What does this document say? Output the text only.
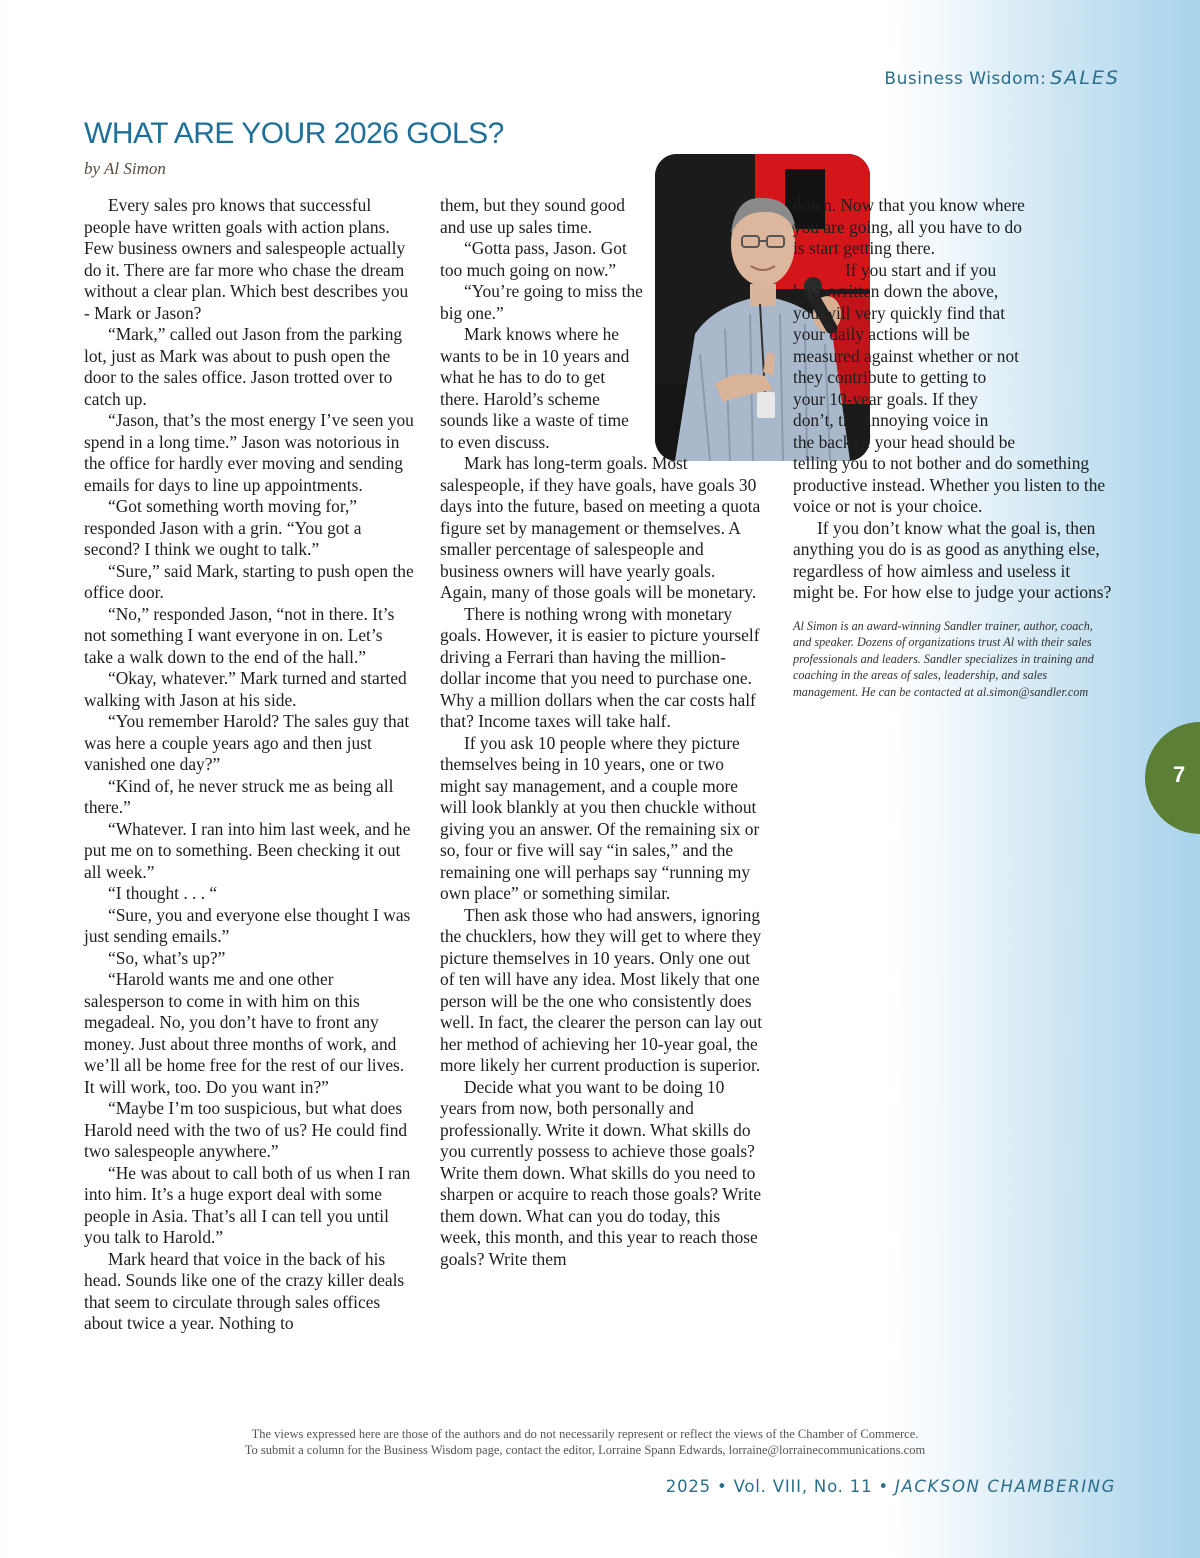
Business Wisdom: SALES
WHAT ARE YOUR 2026 GOLS?

by Al Simon

Every sales pro knows that successful people have written goals with action plans. Few business owners and salespeople actually do it. There are far more who chase the dream without a clear plan. Which best describes you - Mark or Jason?

“Mark,” called out Jason from the parking lot, just as Mark was about to push open the door to the sales office. Jason trotted over to catch up.

“Jason, that’s the most energy I’ve seen you spend in a long time.” Jason was notorious in the office for hardly ever moving and sending emails for days to line up appointments.

“Got something worth moving for,” responded Jason with a grin. “You got a second? I think we ought to talk.”

“Sure,” said Mark, starting to push open the office door.

“No,” responded Jason, “not in there. It’s not something I want everyone in on. Let’s take a walk down to the end of the hall.”

“Okay, whatever.” Mark turned and started walking with Jason at his side.

“You remember Harold? The sales guy that was here a couple years ago and then just vanished one day?”

“Kind of, he never struck me as being all there.”

“Whatever. I ran into him last week, and he put me on to something. Been checking it out all week.”

“I thought . . . “

“Sure, you and everyone else thought I was just sending emails.”

“So, what’s up?”

“Harold wants me and one other salesperson to come in with him on this megadeal. No, you don’t have to front any money. Just about three months of work, and we’ll all be home free for the rest of our lives. It will work, too. Do you want in?”

“Maybe I’m too suspicious, but what does Harold need with the two of us? He could find two salespeople anywhere.”

“He was about to call both of us when I ran into him. It’s a huge export deal with some people in Asia. That’s all I can tell you until you talk to Harold.”

Mark heard that voice in the back of his head. Sounds like one of the crazy killer deals that seem to circulate through sales offices about twice a year. Nothing to

them, but they sound good and use up sales time.

“Gotta pass, Jason. Got too much going on now.”

“You’re going to miss the big one.”

Mark knows where he wants to be in 10 years and what he has to do to get there. Harold’s scheme sounds like a waste of time to even discuss.

Mark has long-term goals. Most salespeople, if they have goals, have goals 30 days into the future, based on meeting a quota figure set by management or themselves. A smaller percentage of salespeople and business owners will have yearly goals. Again, many of those goals will be monetary.

There is nothing wrong with monetary goals. However, it is easier to picture yourself driving a Ferrari than having the million-dollar income that you need to purchase one. Why a million dollars when the car costs half that? Income taxes will take half.

If you ask 10 people where they picture themselves being in 10 years, one or two might say management, and a couple more will look blankly at you then chuckle without giving you an answer. Of the remaining six or so, four or five will say “in sales,” and the remaining one will perhaps say “running my own place” or something similar.

Then ask those who had answers, ignoring the chucklers, how they will get to where they picture themselves in 10 years. Only one out of ten will have any idea. Most likely that one person will be the one who consistently does well. In fact, the clearer the person can lay out her method of achieving her 10-year goal, the more likely her current production is superior.

Decide what you want to be doing 10 years from now, both personally and professionally. Write it down. What skills do you currently possess to achieve those goals? Write them down. What skills do you need to sharpen or acquire to reach those goals? Write them down. What can you do today, this week, this month, and this year to reach those goals? Write them

down. Now that you know where you are going, all you have to do is start getting there.

If you start and if you have written down the above, you will very quickly find that your daily actions will be measured against whether or not they contribute to getting to your 10-year goals. If they don’t, the annoying voice in

the back of your head should be

telling you to not bother and do something productive instead. Whether you listen to the voice or not is your choice.

If you don’t know what the goal is, then anything you do is as good as anything else, regardless of how aimless and useless it might be. For how else to judge your actions?

Al Simon is an award-winning Sandler trainer, author, coach, and speaker. Dozens of organizations trust Al with their sales professionals and leaders. Sandler specializes in training and coaching in the areas of sales, leadership, and sales management. He can be contacted at al.simon@sandler.com

7
The views expressed here are those of the authors and do not necessarily represent or reflect the views of the Chamber of Commerce.
To submit a column for the Business Wisdom page, contact the editor, Lorraine Spann Edwards, lorraine@lorrainecommunications.com
2025 • Vol. VIII, No. 11 • JACKSON CHAMBERING
